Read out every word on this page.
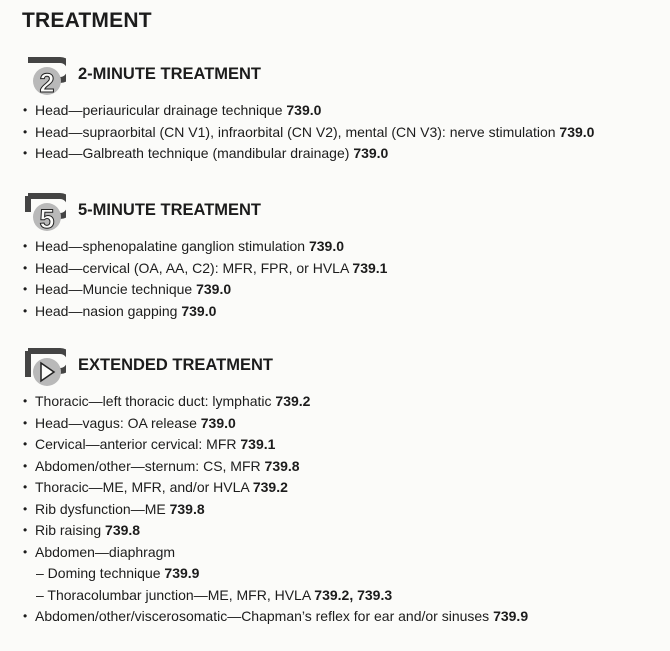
TREATMENT
2 2-MINUTE TREATMENT
• Head—periauricular drainage technique 739.0
• Head—supraorbital (CN V1), infraorbital (CN V2), mental (CN V3): nerve stimulation 739.0
• Head—Galbreath technique (mandibular drainage) 739.0
5 5-MINUTE TREATMENT
• Head—sphenopalatine ganglion stimulation 739.0
• Head—cervical (OA, AA, C2): MFR, FPR, or HVLA 739.1
• Head—Muncie technique 739.0
• Head—nasion gapping 739.0
EXTENDED TREATMENT
• Thoracic—left thoracic duct: lymphatic 739.2
• Head—vagus: OA release 739.0
• Cervical—anterior cervical: MFR 739.1
• Abdomen/other—sternum: CS, MFR 739.8
• Thoracic—ME, MFR, and/or HVLA 739.2
• Rib dysfunction—ME 739.8
• Rib raising 739.8
• Abdomen—diaphragm
– Doming technique 739.9
– Thoracolumbar junction—ME, MFR, HVLA 739.2, 739.3
• Abdomen/other/viscerosomatic—Chapman’s reflex for ear and/or sinuses 739.9
